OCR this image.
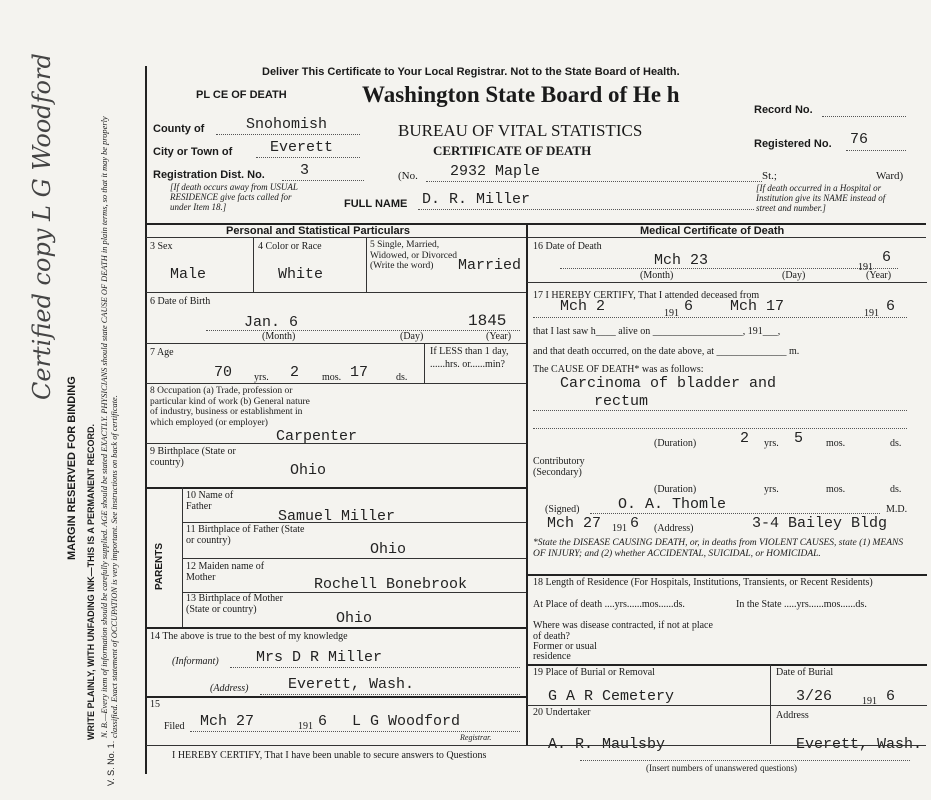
Certified copy L G Woodford
MARGIN RESERVED FOR BINDING WRITE PLAINLY, WITH UNFADING INK—THIS IS A PERMANENT RECORD. N. B.—Every item of information should be carefully supplied. AGE should be stated EXACTLY. PHYSICIANS should state CAUSE OF DEATH in plain terms, so that it may be properly classified. Exact statement of OCCUPATION is very important. See instructions on back of certificate.
V. S. No. 1.
Deliver This Certificate to Your Local Registrar. Not to the State Board of Health.
PL CE OF DEATH	Washington State Board of He h
Record No.
BUREAU OF VITAL STATISTICS
CERTIFICATE OF DEATH	Registered No. 76
County of	Snohomish
City or Town of	Everett
Registration Dist. No. 3	(No. 2932 Maple	St.;	Ward)
[If death occurs away from USUAL RESIDENCE give facts called for under Item 18.]
[If death occurred in a Hospital or Institution give its NAME instead of street and number.]
FULL NAME D. R. Miller
Personal and Statistical Particulars	Medical Certificate of Death
3 Sex
Male
4 Color or Race
White
5 Single, Married, Widowed, or Divorced (Write the word)	Married
6 Date of Birth
Jan. 6	1845
(Month)	(Day)	(Year)
7 Age
70 yrs. 2 mos. 17	ds.
If LESS than 1 day, ......hrs. or......min?
8 Occupation (a) Trade, profession or particular kind of work (b) General nature of industry, business or establishment in which employed (or employer)
Carpenter
9 Birthplace (State or country)	Ohio
PARENTS
10 Name of Father
Samuel Miller
11 Birthplace of Father (State or country)
Ohio
12 Maiden name of Mother	Rochell Bonebrook
13 Birthplace of Mother (State or country)
Ohio
14 The above is true to the best of my knowledge
(Informant) Mrs D R Miller
(Address)	Everett, Wash.
15
Filed Mch 27	191 6 L G Woodford
Registrar.
16 Date of Death
Mch 23	191
6
(Month)	(Day)	(Year)
17 I HEREBY CERTIFY, That I attended deceased from
Mch 2	191 6 Mch 17	191 6
that I last saw h____ alive on __________________, 191___,
and that death occurred, on the date above, at ______________ m.
The CAUSE OF DEATH* was as follows:
Carcinoma of bladder and
rectum
(Duration)	2 yrs. 5 mos.	ds.
Contributory (Secondary)
(Duration)	yrs.	mos.	ds.
(Signed)	O. A. Thomle	M.D.
Mch 27 191 6 (Address)	3-4 Bailey Bldg
*State the DISEASE CAUSING DEATH, or, in deaths from VIOLENT CAUSES, state (1) MEANS OF INJURY; and (2) whether ACCIDENTAL, SUICIDAL, or HOMICIDAL.
18 Length of Residence (For Hospitals, Institutions, Transients, or Recent Residents)
At Place of death ....yrs......mos......ds.	In the State .....yrs......mos......ds.
Where was disease contracted, if not at place of death?
Former or usual residence
19 Place of Burial or Removal
G A R Cemetery
Date of Burial
3/26	191 6
20 Undertaker
A. R. Maulsby
Address
Everett, Wash.
I HEREBY CERTIFY, That I have been unable to secure answers to Questions
(Insert numbers of unanswered questions)
